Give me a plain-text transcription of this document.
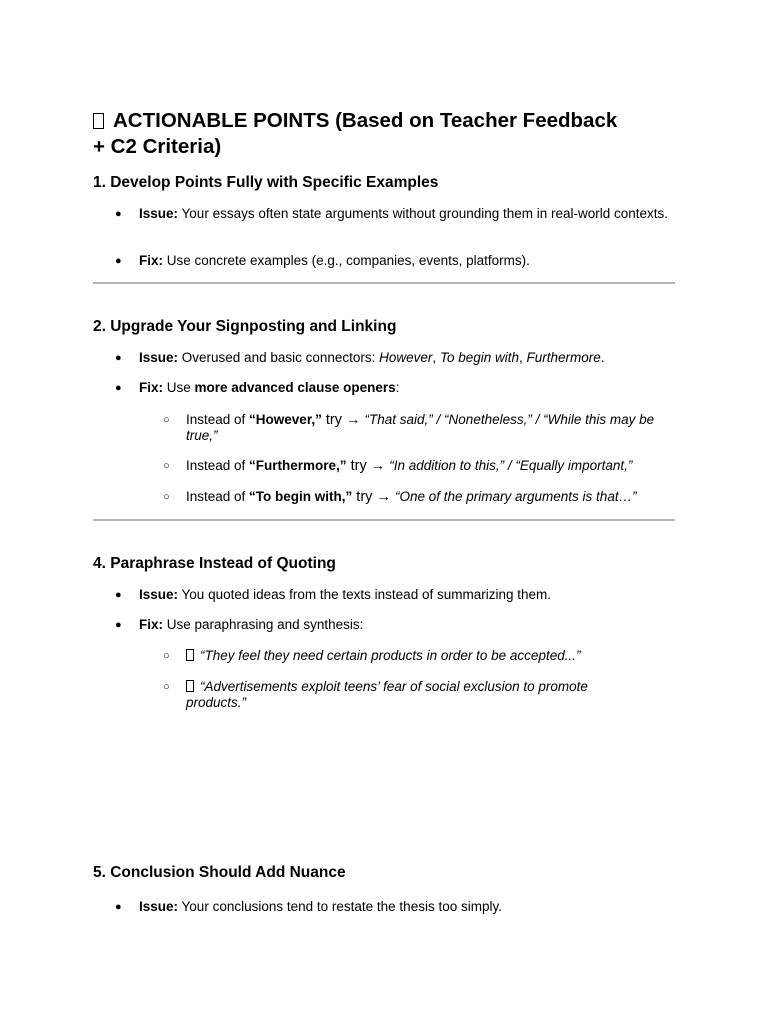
ACTIONABLE POINTS (Based on Teacher Feedback
+ C2 Criteria)
1. Develop Points Fully with Specific Examples
● Issue: Your essays often state arguments without grounding them in real-world contexts.
● Fix: Use concrete examples (e.g., companies, events, platforms).
2. Upgrade Your Signposting and Linking
● Issue: Overused and basic connectors: However, To begin with, Furthermore.
● Fix: Use more advanced clause openers:
○ Instead of “However,” try → “That said,” / “Nonetheless,” / “While this may be true,”
○ Instead of “Furthermore,” try → “In addition to this,” / “Equally important,”
○ Instead of “To begin with,” try → “One of the primary arguments is that…”
4. Paraphrase Instead of Quoting
● Issue: You quoted ideas from the texts instead of summarizing them.
● Fix: Use paraphrasing and synthesis:
○ “They feel they need certain products in order to be accepted...”
○ “Advertisements exploit teens’ fear of social exclusion to promote products.”
5. Conclusion Should Add Nuance
● Issue: Your conclusions tend to restate the thesis too simply.
